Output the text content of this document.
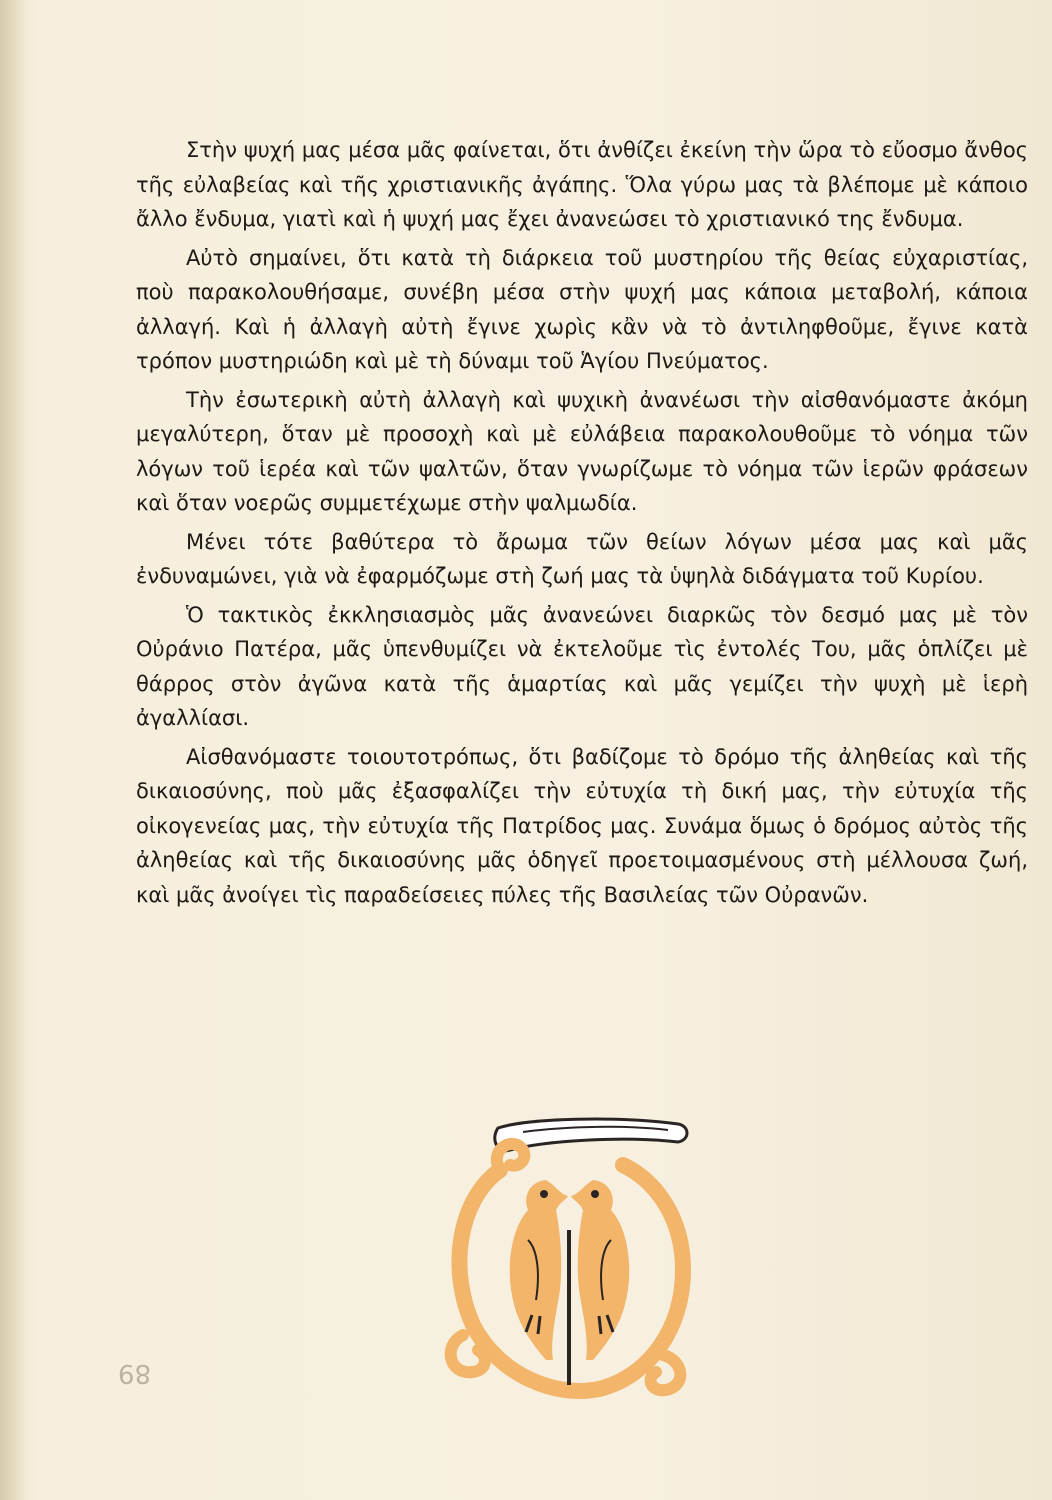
Στὴν ψυχή μας μέσα μᾶς φαίνεται, ὅτι ἀνθίζει ἐκείνη τὴν ὥρα τὸ εὔοσμο ἄνθος τῆς εὐλαβείας καὶ τῆς χριστιανικῆς ἀγάπης. Ὅλα γύρω μας τὰ βλέπομε μὲ κάποιο ἄλλο ἔνδυμα, γιατὶ καὶ ἡ ψυχή μας ἔχει ἀνανεώσει τὸ χριστιανικό της ἔνδυμα.

Αὐτὸ σημαίνει, ὅτι κατὰ τὴ διάρκεια τοῦ μυστηρίου τῆς θείας εὐχαριστίας, ποὺ παρακολουθήσαμε, συνέβη μέσα στὴν ψυχή μας κάποια μεταβολή, κάποια ἀλλαγή. Καὶ ἡ ἀλλαγὴ αὐτὴ ἔγινε χωρὶς κἂν νὰ τὸ ἀντιληφθοῦμε, ἔγινε κατὰ τρόπον μυστηριώδη καὶ μὲ τὴ δύναμι τοῦ Ἁγίου Πνεύματος.

Τὴν ἐσωτερικὴ αὐτὴ ἀλλαγὴ καὶ ψυχικὴ ἀνανέωσι τὴν αἰσθανόμαστε ἀκόμη μεγαλύτερη, ὅταν μὲ προσοχὴ καὶ μὲ εὐλάβεια παρακολουθοῦμε τὸ νόημα τῶν λόγων τοῦ ἱερέα καὶ τῶν ψαλτῶν, ὅταν γνωρίζωμε τὸ νόημα τῶν ἱερῶν φράσεων καὶ ὅταν νοερῶς συμμετέχωμε στὴν ψαλμωδία.

Μένει τότε βαθύτερα τὸ ἄρωμα τῶν θείων λόγων μέσα μας καὶ μᾶς ἐνδυναμώνει, γιὰ νὰ ἐφαρμόζωμε στὴ ζωή μας τὰ ὑψηλὰ διδάγματα τοῦ Κυρίου.

Ὁ τακτικὸς ἐκκλησιασμὸς μᾶς ἀνανεώνει διαρκῶς τὸν δεσμό μας μὲ τὸν Οὐράνιο Πατέρα, μᾶς ὑπενθυμίζει νὰ ἐκτελοῦμε τὶς ἐντολές Του, μᾶς ὁπλίζει μὲ θάρρος στὸν ἀγῶνα κατὰ τῆς ἁμαρτίας καὶ μᾶς γεμίζει τὴν ψυχὴ μὲ ἱερὴ ἀγαλλίασι.

Αἰσθανόμαστε τοιουτοτρόπως, ὅτι βαδίζομε τὸ δρόμο τῆς ἀληθείας καὶ τῆς δικαιοσύνης, ποὺ μᾶς ἐξασφαλίζει τὴν εὐτυχία τὴ δική μας, τὴν εὐτυχία τῆς οἰκογενείας μας, τὴν εὐτυχία τῆς Πατρίδος μας. Συνάμα ὅμως ὁ δρόμος αὐτὸς τῆς ἀληθείας καὶ τῆς δικαιοσύνης μᾶς ὁδηγεῖ προετοιμασμένους στὴ μέλλουσα ζωή, καὶ μᾶς ἀνοίγει τὶς παραδείσειες πύλες τῆς Βασιλείας τῶν Οὐρανῶν.

89
